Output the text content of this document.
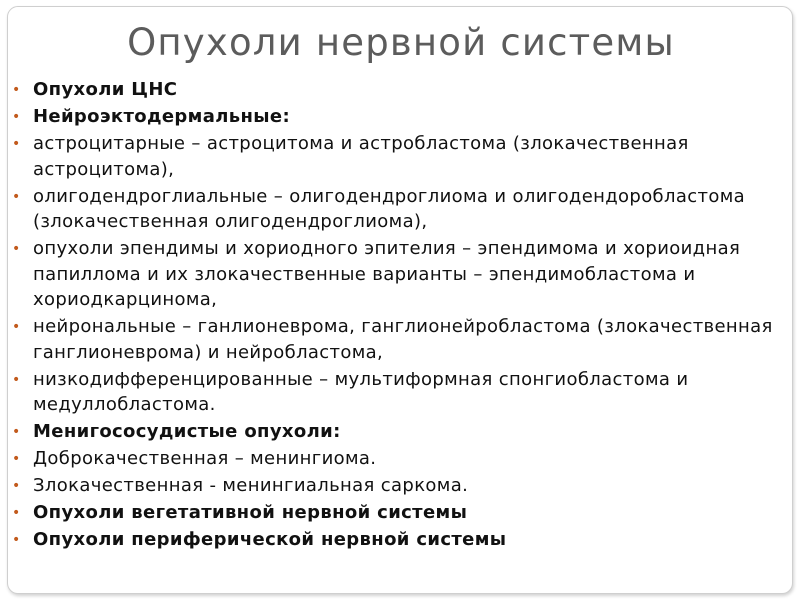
Опухоли нервной системы
• Опухоли ЦНС
• Нейроэктодермальные:
• астроцитарные – астроцитома и астробластома (злокачественная астроцитома),
• олигодендроглиальные – олигодендроглиома и олигодендоробластома (злокачественная олигодендроглиома),
• опухоли эпендимы и хориодного эпителия – эпендимома и хориоидная папиллома и их злокачественные варианты – эпендимобластома и хориодкарцинома,
• нейрональные – ганлионеврома, ганглионейробластома (злокачественная ганглионеврома) и нейробластома,
• низкодифференцированные – мультиформная спонгиобластома и медуллобластома.
• Менигососудистые опухоли:
• Доброкачественная – менингиома.
• Злокачественная - менингиальная саркома.
• Опухоли вегетативной нервной системы
• Опухоли периферической нервной системы
